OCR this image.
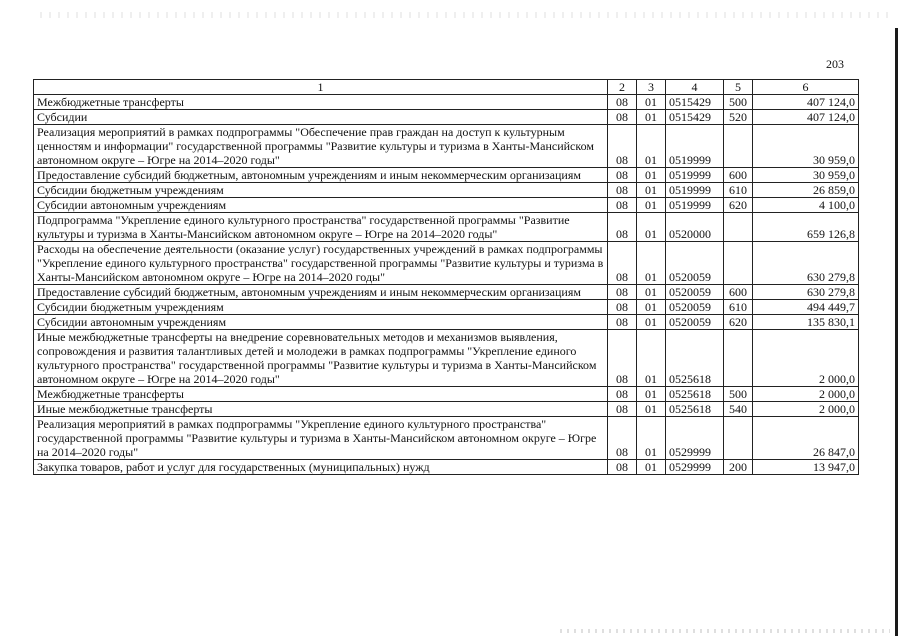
203
1	2	3	4	5	6
Межбюджетные трансферты	08	01	0515429	500	407 124,0
Субсидии	08	01	0515429	520	407 124,0
Реализация мероприятий в рамках подпрограммы "Обеспечение прав граждан на доступ к культурным ценностям и информации" государственной программы "Развитие культуры и туризма в Ханты-Мансийском автономном округе – Югре на 2014–2020 годы"	08	01	0519999		30 959,0
Предоставление субсидий бюджетным, автономным учреждениям и иным некоммерческим организациям	08	01	0519999	600	30 959,0
Субсидии бюджетным учреждениям	08	01	0519999	610	26 859,0
Субсидии автономным учреждениям	08	01	0519999	620	4 100,0
Подпрограмма "Укрепление единого культурного пространства" государственной программы "Развитие культуры и туризма в Ханты-Мансийском автономном округе – Югре на 2014–2020 годы"	08	01	0520000		659 126,8
Расходы на обеспечение деятельности (оказание услуг) государственных учреждений в рамках подпрограммы "Укрепление единого культурного пространства" государственной программы "Развитие культуры и туризма в Ханты-Мансийском автономном округе – Югре на 2014–2020 годы"	08	01	0520059		630 279,8
Предоставление субсидий бюджетным, автономным учреждениям и иным некоммерческим организациям	08	01	0520059	600	630 279,8
Субсидии бюджетным учреждениям	08	01	0520059	610	494 449,7
Субсидии автономным учреждениям	08	01	0520059	620	135 830,1
Иные межбюджетные трансферты на внедрение соревновательных методов и механизмов выявления, сопровождения и развития талантливых детей и молодежи в рамках подпрограммы "Укрепление единого культурного пространства" государственной программы "Развитие культуры и туризма в Ханты-Мансийском автономном округе – Югре на 2014–2020 годы"	08	01	0525618		2 000,0
Межбюджетные трансферты	08	01	0525618	500	2 000,0
Иные межбюджетные трансферты	08	01	0525618	540	2 000,0
Реализация мероприятий в рамках подпрограммы "Укрепление единого культурного пространства" государственной программы "Развитие культуры и туризма в Ханты-Мансийском автономном округе – Югре на 2014–2020 годы"	08	01	0529999		26 847,0
Закупка товаров, работ и услуг для государственных (муниципальных) нужд	08	01	0529999	200	13 947,0
